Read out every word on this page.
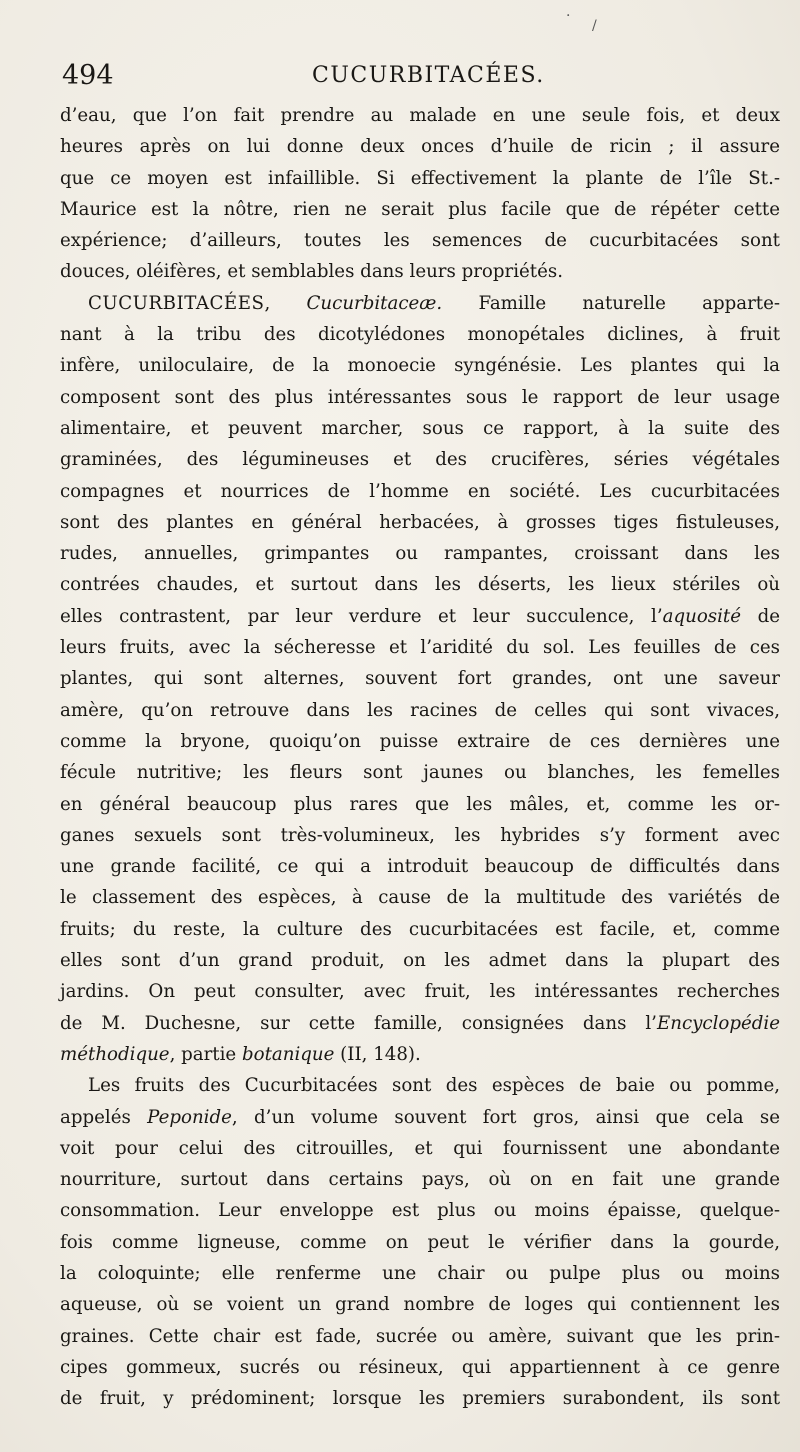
·
/
494	CUCURBITACÉES.
d’eau, que l’on fait prendre au malade en une seule fois, et deux
heures après on lui donne deux onces d’huile de ricin ; il assure
que ce moyen est infaillible. Si effectivement la plante de l’île St.-
Maurice est la nôtre, rien ne serait plus facile que de répéter cette
expérience; d’ailleurs, toutes les semences de cucurbitacées sont
douces, oléifères, et semblables dans leurs propriétés.
CUCURBITACÉES, Cucurbitaceæ. Famille naturelle apparte-
nant à la tribu des dicotylédones monopétales diclines, à fruit
infère, uniloculaire, de la monoecie syngénésie. Les plantes qui la
composent sont des plus intéressantes sous le rapport de leur usage
alimentaire, et peuvent marcher, sous ce rapport, à la suite des
graminées, des légumineuses et des crucifères, séries végétales
compagnes et nourrices de l’homme en société. Les cucurbitacées
sont des plantes en général herbacées, à grosses tiges fistuleuses,
rudes, annuelles, grimpantes ou rampantes, croissant dans les
contrées chaudes, et surtout dans les déserts, les lieux stériles où
elles contrastent, par leur verdure et leur succulence, l’aquosité de
leurs fruits, avec la sécheresse et l’aridité du sol. Les feuilles de ces
plantes, qui sont alternes, souvent fort grandes, ont une saveur
amère, qu’on retrouve dans les racines de celles qui sont vivaces,
comme la bryone, quoiqu’on puisse extraire de ces dernières une
fécule nutritive; les fleurs sont jaunes ou blanches, les femelles
en général beaucoup plus rares que les mâles, et, comme les or-
ganes sexuels sont très-volumineux, les hybrides s’y forment avec
une grande facilité, ce qui a introduit beaucoup de difficultés dans
le classement des espèces, à cause de la multitude des variétés de
fruits; du reste, la culture des cucurbitacées est facile, et, comme
elles sont d’un grand produit, on les admet dans la plupart des
jardins. On peut consulter, avec fruit, les intéressantes recherches
de M. Duchesne, sur cette famille, consignées dans l’Encyclopédie
méthodique, partie botanique (II, 148).
Les fruits des Cucurbitacées sont des espèces de baie ou pomme,
appelés Peponide, d’un volume souvent fort gros, ainsi que cela se
voit pour celui des citrouilles, et qui fournissent une abondante
nourriture, surtout dans certains pays, où on en fait une grande
consommation. Leur enveloppe est plus ou moins épaisse, quelque-
fois comme ligneuse, comme on peut le vérifier dans la gourde,
la coloquinte; elle renferme une chair ou pulpe plus ou moins
aqueuse, où se voient un grand nombre de loges qui contiennent les
graines. Cette chair est fade, sucrée ou amère, suivant que les prin-
cipes gommeux, sucrés ou résineux, qui appartiennent à ce genre
de fruit, y prédominent; lorsque les premiers surabondent, ils sont
